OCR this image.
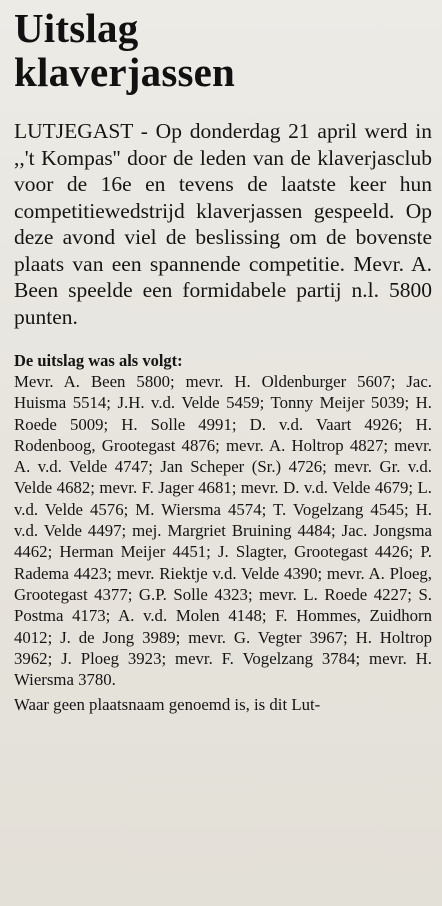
Uitslag
klaverjassen

LUTJEGAST - Op donderdag 21 april werd in ,,'t Kompas'' door de leden van de klaverjasclub voor de 16e en tevens de laatste keer hun competitiewedstrijd klaverjassen gespeeld. Op deze avond viel de beslissing om de bovenste plaats van een spannende competitie. Mevr. A. Been speelde een formidabele partij n.l. 5800 punten.

De uitslag was als volgt:

Mevr. A. Been 5800; mevr. H. Oldenburger 5607; Jac. Huisma 5514; J.H. v.d. Velde 5459; Tonny Meijer 5039; H. Roede 5009; H. Solle 4991; D. v.d. Vaart 4926; H. Rodenboog, Grootegast 4876; mevr. A. Holtrop 4827; mevr. A. v.d. Velde 4747; Jan Scheper (Sr.) 4726; mevr. Gr. v.d. Velde 4682; mevr. F. Jager 4681; mevr. D. v.d. Velde 4679; L. v.d. Velde 4576; M. Wiersma 4574; T. Vogelzang 4545; H. v.d. Velde 4497; mej. Margriet Bruining 4484; Jac. Jongsma 4462; Herman Meijer 4451; J. Slagter, Grootegast 4426; P. Radema 4423; mevr. Riektje v.d. Velde 4390; mevr. A. Ploeg, Grootegast 4377; G.P. Solle 4323; mevr. L. Roede 4227; S. Postma 4173; A. v.d. Molen 4148; F. Hommes, Zuidhorn 4012; J. de Jong 3989; mevr. G. Vegter 3967; H. Holtrop 3962; J. Ploeg 3923; mevr. F. Vogelzang 3784; mevr. H. Wiersma 3780.

Waar geen plaatsnaam genoemd is, is dit Lut-
